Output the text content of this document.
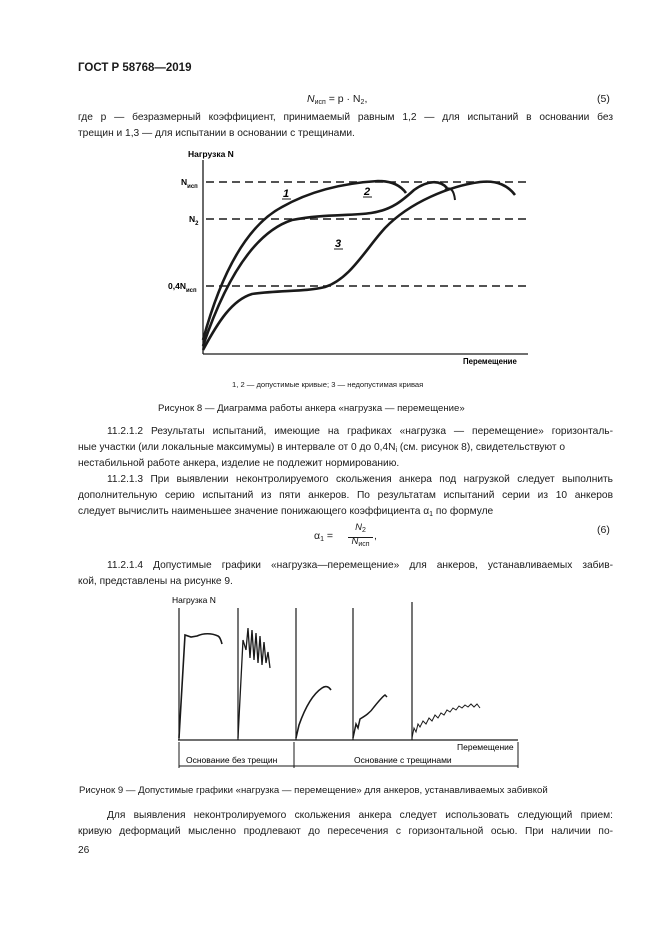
ГОСТ Р 58768—2019
$N_{исп} = p \cdot N_2$,	(5)
где p — безразмерный коэффициент, принимаемый равным 1,2 — для испытаний в основании без
трещин и 1,3 — для испытании в основании с трещинами.
Нагрузка N
Перемещение
$N_{исп}$
$N_2$
$0,4N_{исп}$
1	2
3
1, 2 — допустимые кривые; 3 — недопустимая кривая
Рисунок 8 — Диаграмма работы анкера «нагрузка — перемещение»
11.2.1.2 Результаты испытаний, имеющие на графиках «нагрузка — перемещение» горизонталь-
ные участки (или локальные максимумы) в интервале от 0 до $0,4N_i$ (см. рисунок 8), свидетельствуют о
нестабильной работе анкера, изделие не подлежит нормированию.
11.2.1.3 При выявлении неконтролируемого скольжения анкера под нагрузкой следует выполнить
дополнительную серию испытаний из пяти анкеров. По результатам испытаний серии из 10 анкеров
следует вычислить наименьшее значение понижающего коэффициента $\alpha_1$ по формуле
$\alpha_1$ =
$N_2$
$N_{исп}$
,	(6)
11.2.1.4 Допустимые графики «нагрузка—перемещение» для анкеров, устанавливаемых забив-
кой, представлены на рисунке 9.
Нагрузка N
Перемещение
Основание без трещин	Основание с трещинами
Рисунок 9 — Допустимые графики «нагрузка — перемещение» для анкеров, устанавливаемых забивкой
Для выявления неконтролируемого скольжения анкера следует использовать следующий прием:
кривую деформаций мысленно продлевают до пересечения с горизонтальной осью. При наличии по-
26
